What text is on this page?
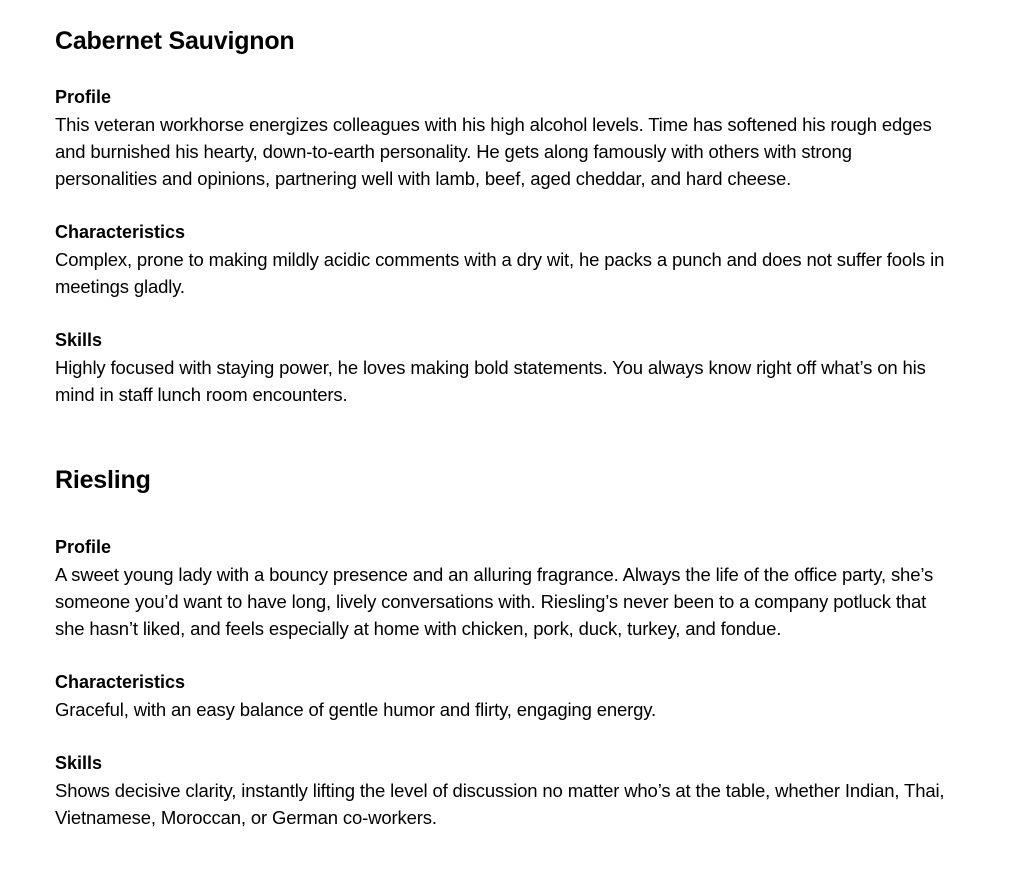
Cabernet Sauvignon
Profile

This veteran workhorse energizes colleagues with his high alcohol levels. Time has softened his rough edges and burnished his hearty, down-to-earth personality. He gets along famously with others with strong personalities and opinions, partnering well with lamb, beef, aged cheddar, and hard cheese.

Characteristics

Complex, prone to making mildly acidic comments with a dry wit, he packs a punch and does not suffer fools in meetings gladly.

Skills

Highly focused with staying power, he loves making bold statements. You always know right off what’s on his mind in staff lunch room encounters.

Riesling
Profile

A sweet young lady with a bouncy presence and an alluring fragrance. Always the life of the office party, she’s someone you’d want to have long, lively conversations with. Riesling’s never been to a company potluck that she hasn’t liked, and feels especially at home with chicken, pork, duck, turkey, and fondue.

Characteristics

Graceful, with an easy balance of gentle humor and flirty, engaging energy.

Skills

Shows decisive clarity, instantly lifting the level of discussion no matter who’s at the table, whether Indian, Thai, Vietnamese, Moroccan, or German co-workers.
